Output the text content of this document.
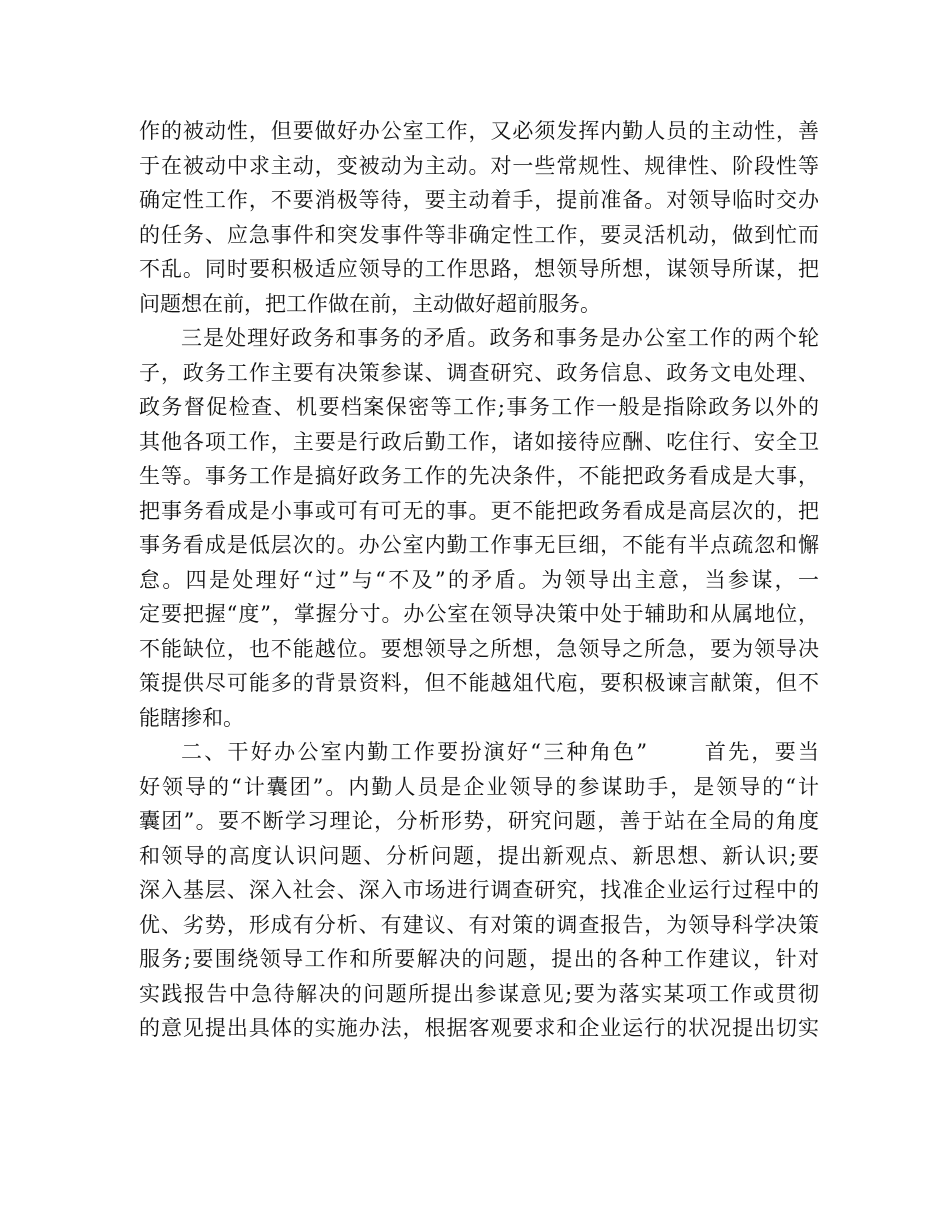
作的被动性，但要做好办公室工作，又必须发挥内勤人员的主动性，善
于在被动中求主动，变被动为主动。对一些常规性、规律性、阶段性等
确定性工作，不要消极等待，要主动着手，提前准备。对领导临时交办
的任务、应急事件和突发事件等非确定性工作，要灵活机动，做到忙而
不乱。同时要积极适应领导的工作思路，想领导所想，谋领导所谋，把
问题想在前，把工作做在前，主动做好超前服务。
三是处理好政务和事务的矛盾。政务和事务是办公室工作的两个轮
子，政务工作主要有决策参谋、调查研究、政务信息、政务文电处理、
政务督促检查、机要档案保密等工作;事务工作一般是指除政务以外的
其他各项工作，主要是行政后勤工作，诸如接待应酬、吃住行、安全卫
生等。事务工作是搞好政务工作的先决条件，不能把政务看成是大事，
把事务看成是小事或可有可无的事。更不能把政务看成是高层次的，把
事务看成是低层次的。办公室内勤工作事无巨细，不能有半点疏忽和懈
怠。四是处理好“过”与“不及”的矛盾。为领导出主意，当参谋，一
定要把握“度”，掌握分寸。办公室在领导决策中处于辅助和从属地位，
不能缺位，也不能越位。要想领导之所想，急领导之所急，要为领导决
策提供尽可能多的背景资料，但不能越俎代庖，要积极谏言献策，但不
能瞎掺和。
二、干好办公室内勤工作要扮演好“三种角色”　　 首先，要当
好领导的“计囊团”。内勤人员是企业领导的参谋助手，是领导的“计
囊团”。要不断学习理论，分析形势，研究问题，善于站在全局的角度
和领导的高度认识问题、分析问题，提出新观点、新思想、新认识;要
深入基层、深入社会、深入市场进行调查研究，找准企业运行过程中的
优、劣势，形成有分析、有建议、有对策的调查报告，为领导科学决策
服务;要围绕领导工作和所要解决的问题，提出的各种工作建议，针对
实践报告中急待解决的问题所提出参谋意见;要为落实某项工作或贯彻
的意见提出具体的实施办法，根据客观要求和企业运行的状况提出切实
